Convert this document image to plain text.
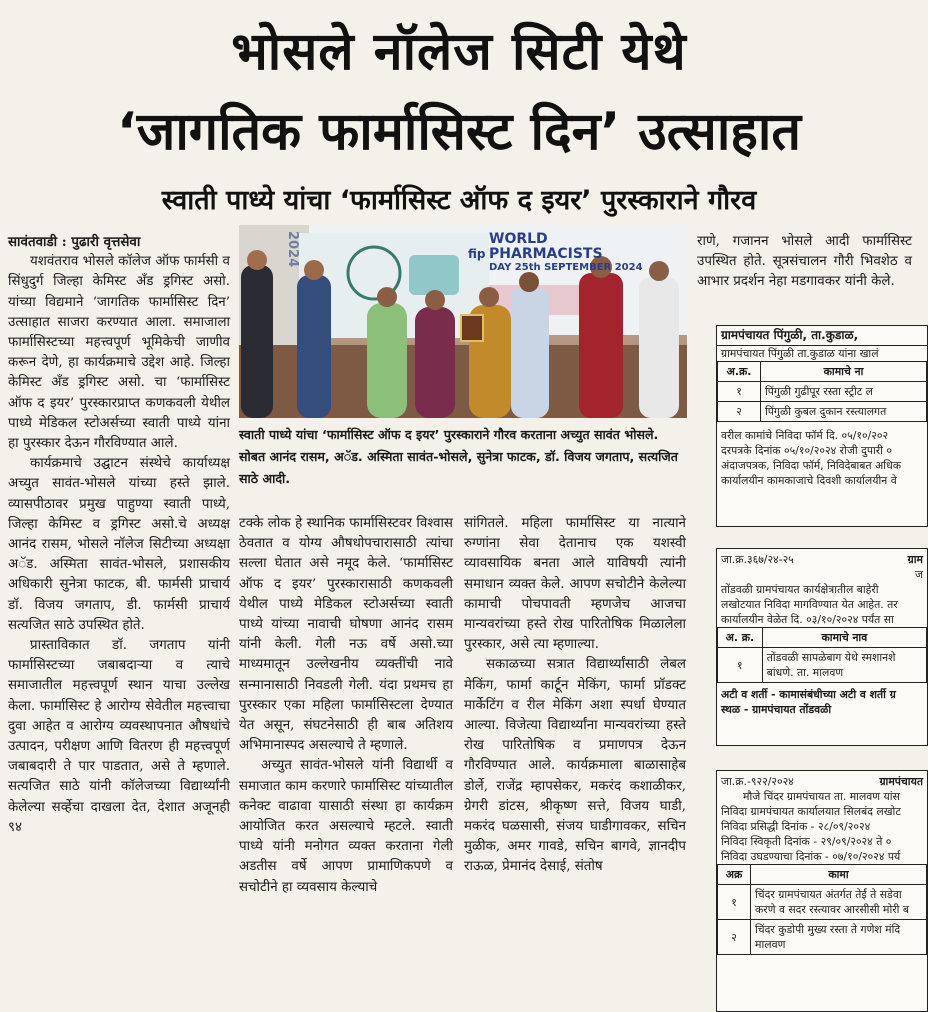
भोसले नॉलेज सिटी येथे
‘जागतिक फार्मासिस्ट दिन’ उत्साहात
स्वाती पाध्ये यांचा ‘फार्मासिस्ट ऑफ द इयर’ पुरस्काराने गौरव
सावंतवाडी : पुढारी वृत्तसेवा

यशवंतराव भोसले कॉलेज ऑफ फार्मसी व सिंधुदुर्ग जिल्हा केमिस्ट अँड ड्रगिस्ट असो. यांच्या विद्यमाने ‘जागतिक फार्मासिस्ट दिन’ उत्साहात साजरा करण्यात आला. समाजाला फार्मासिस्टच्या महत्त्वपूर्ण भूमिकेची जाणीव करून देणे, हा कार्यक्रमाचे उद्देश आहे. जिल्हा केमिस्ट अँड ड्रगिस्ट असो. चा ‘फार्मासिस्ट ऑफ द इयर’ पुरस्कारप्राप्त कणकवली येथील पाध्ये मेडिकल स्टोअर्सच्या स्वाती पाध्ये यांना हा पुरस्कार देऊन गौरविण्यात आले.

कार्यक्रमाचे उद्घाटन संस्थेचे कार्याध्यक्ष अच्युत सावंत-भोसले यांच्या हस्ते झाले. व्यासपीठावर प्रमुख पाहुण्या स्वाती पाध्ये, जिल्हा केमिस्ट व ड्रगिस्ट असो.चे अध्यक्ष आनंद रासम, भोसले नॉलेज सिटीच्या अध्यक्षा अॅड. अस्मिता सावंत-भोसले, प्रशासकीय अधिकारी सुनेत्रा फाटक, बी. फार्मसी प्राचार्य डॉ. विजय जगताप, डी. फार्मसी प्राचार्य सत्यजित साठे उपस्थित होते.

प्रास्ताविकात डॉ. जगताप यांनी फार्मासिस्टच्या जबाबदाऱ्या व त्याचे समाजातील महत्त्वपूर्ण स्थान याचा उल्लेख केला. फार्मासिस्ट हे आरोग्य सेवेतील महत्त्वाचा दुवा आहेत व आरोग्य व्यवस्थापनात औषधांचे उत्पादन, परीक्षण आणि वितरण ही महत्त्वपूर्ण जबाबदारी ते पार पाडतात, असे ते म्हणाले. सत्यजित साठे यांनी कॉलेजच्या विद्यार्थ्यांनी केलेल्या सर्व्हेचा दाखला देत, देशात अजूनही ९४

2024	fip
WORLD
PHARMACISTS
DAY 25th SEPTEMBER 2024
स्वाती पाध्ये यांचा ‘फार्मासिस्ट ऑफ द इयर’ पुरस्काराने गौरव करताना अच्युत सावंत भोसले. सोबत आनंद रासम, अॅड. अस्मिता सावंत-भोसले, सुनेत्रा फाटक, डॉ. विजय जगताप, सत्यजित साठे आदी.

टक्के लोक हे स्थानिक फार्मासिस्टवर विश्वास ठेवतात व योग्य औषधोपचारासाठी त्यांचा सल्ला घेतात असे नमूद केले. ‘फार्मासिस्ट ऑफ द इयर’ पुरस्कारासाठी कणकवली येथील पाध्ये मेडिकल स्टोअर्सच्या स्वाती पाध्ये यांच्या नावाची घोषणा आनंद रासम यांनी केली. गेली नऊ वर्षे असो.च्या माध्यमातून उल्लेखनीय व्यक्तींची नावे सन्मानासाठी निवडली गेली. यंदा प्रथमच हा पुरस्कार एका महिला फार्मासिस्टला देण्यात येत असून, संघटनेसाठी ही बाब अतिशय अभिमानास्पद असल्याचे ते म्हणाले.

अच्युत सावंत-भोसले यांनी विद्यार्थी व समाजात काम करणारे फार्मासिस्ट यांच्यातील कनेक्ट वाढावा यासाठी संस्था हा कार्यक्रम आयोजित करत असल्याचे म्हटले. स्वाती पाध्ये यांनी मनोगत व्यक्त करताना गेली अडतीस वर्षे आपण प्रामाणिकपणे व सचोटीने हा व्यवसाय केल्याचे

सांगितले. महिला फार्मासिस्ट या नात्याने रुग्णांना सेवा देतानाच एक यशस्वी व्यावसायिक बनता आले याविषयी त्यांनी समाधान व्यक्त केले. आपण सचोटीने केलेल्या कामाची पोचपावती म्हणजेच आजचा मान्यवरांच्या हस्ते रोख पारितोषिक मिळालेला पुरस्कार, असे त्या म्हणाल्या.

सकाळच्या सत्रात विद्यार्थ्यांसाठी लेबल मेकिंग, फार्मा कार्टून मेकिंग, फार्मा प्रॉडक्ट मार्केटिंग व रील मेकिंग अशा स्पर्धा घेण्यात आल्या. विजेत्या विद्यार्थ्यांना मान्यवरांच्या हस्ते रोख पारितोषिक व प्रमाणपत्र देऊन गौरविण्यात आले. कार्यक्रमाला बाळासाहेब डोर्ले, राजेंद्र म्हापसेकर, मकरंद कशाळीकर, ग्रेगरी डांटस, श्रीकृष्ण सत्ते, विजय घाडी, मकरंद घळसासी, संजय घाडीगावकर, सचिन मुळीक, अमर गावडे, सचिन बागवे, ज्ञानदीप राऊळ, प्रेमानंद देसाई, संतोष

राणे, गजानन भोसले आदी फार्मासिस्ट उपस्थित होते. सूत्रसंचालन गौरी भिवशेठ व आभार प्रदर्शन नेहा मडगावकर यांनी केले.

ग्रामपंचायत पिंगुळी, ता.कुडाळ,
ग्रामपंचायत पिंगुळी ता.कुडाळ यांना खालं
अ.क्र.	कामाचे ना
१	पिंगुळी गुढीपूर रस्ता स्ट्रीट ल
२	पिंगुळी कुबल दुकान रस्त्यालगत
वरील कामांचे निविदा फॉर्म दि. ०५/१०/२०२
दरपत्रके दिनांक ०५/१०/२०२४ रोजी दुपारी ०
अंदाजपत्रक, निविदा फॉर्म, निविदेबाबत अधिक
कार्यालयीन कामकाजाचे दिवशी कार्यालयीन वे
जा.क्र.३६७/२४-२५	ग्राम
ज
तोंडवळी ग्रामपंचायत कार्यक्षेत्रातील बाहेरी
लखोटयात निविदा मागविण्यात येत आहेत. तर
कार्यालयीन वेळेत दि. ०३/१०/२०२४ पर्यंत सा
अ. क्र.	कामाचे नाव
१	तोंडवळी सापळेबाग येथे स्मशानशे
बांधणे. ता. मालवण
अटी व शर्ती - कामासंबंधीच्या अटी व शर्ती ग्र
स्थळ - ग्रामपंचायत तोंडवळी
जा.क्र.-९२२/२०२४	ग्रामपंचायत
मौजे चिंदर ग्रामपंचायत ता. मालवण यांस
निविदा ग्रामपंचायत कार्यालयात सिलबंद लखोट
निविदा प्रसिद्धी दिनांक - २८/०९/२०२४
निविदा स्विकृती दिनांक - २९/०९/२०२४ ते ०
निविदा उघडण्याचा दिनांक - ०७/१०/२०२४ पर्य
अक्र	कामा
१	चिंदर ग्रामपंचायत अंतर्गत तेर्ई ते सडेवा
करणे व सदर रस्त्यावर आरसीसी मोरी ब

२	चिंदर कुडोपी मुख्य रस्ता ते गणेश मंदि
मालवण
